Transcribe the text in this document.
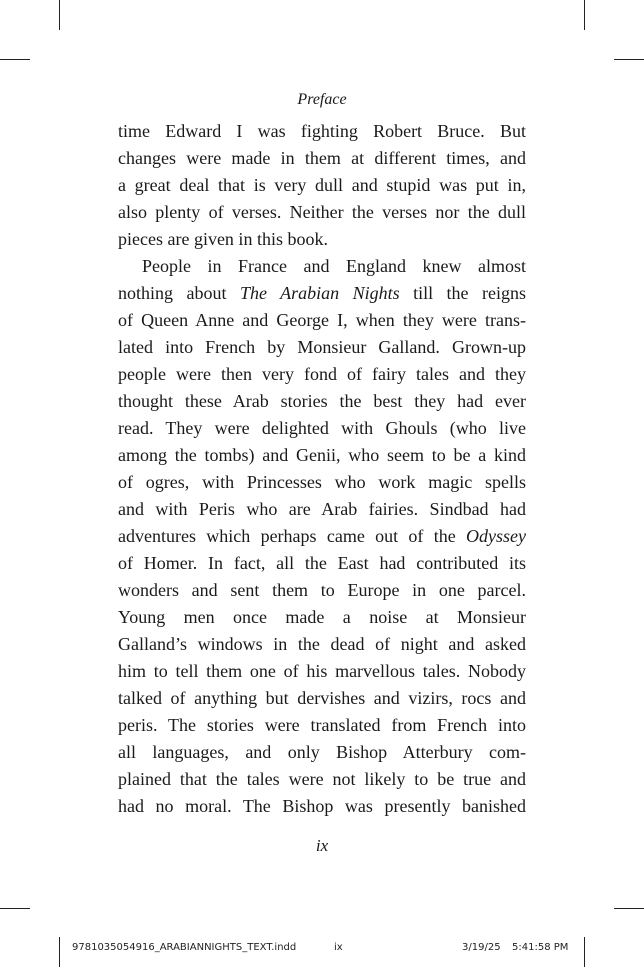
Preface
time Edward I was fighting Robert Bruce. But
changes were made in them at different times, and
a great deal that is very dull and stupid was put in,
also plenty of verses. Neither the verses nor the dull
pieces are given in this book.
People in France and England knew almost
nothing about The Arabian Nights till the reigns
of Queen Anne and George I, when they were trans-
lated into French by Monsieur Galland. Grown-up
people were then very fond of fairy tales and they
thought these Arab stories the best they had ever
read. They were delighted with Ghouls (who live
among the tombs) and Genii, who seem to be a kind
of ogres, with Princesses who work magic spells
and with Peris who are Arab fairies. Sindbad had
adventures which perhaps came out of the Odyssey
of Homer. In fact, all the East had contributed its
wonders and sent them to Europe in one parcel.
Young men once made a noise at Monsieur
Galland’s windows in the dead of night and asked
him to tell them one of his marvellous tales. Nobody
talked of anything but dervishes and vizirs, rocs and
peris. The stories were translated from French into
all languages, and only Bishop Atterbury com-
plained that the tales were not likely to be true and
had no moral. The Bishop was presently banished
ix
9781035054916_ARABIANNIGHTS_TEXT.indd	ix	3/19/25 5:41:58 PM
